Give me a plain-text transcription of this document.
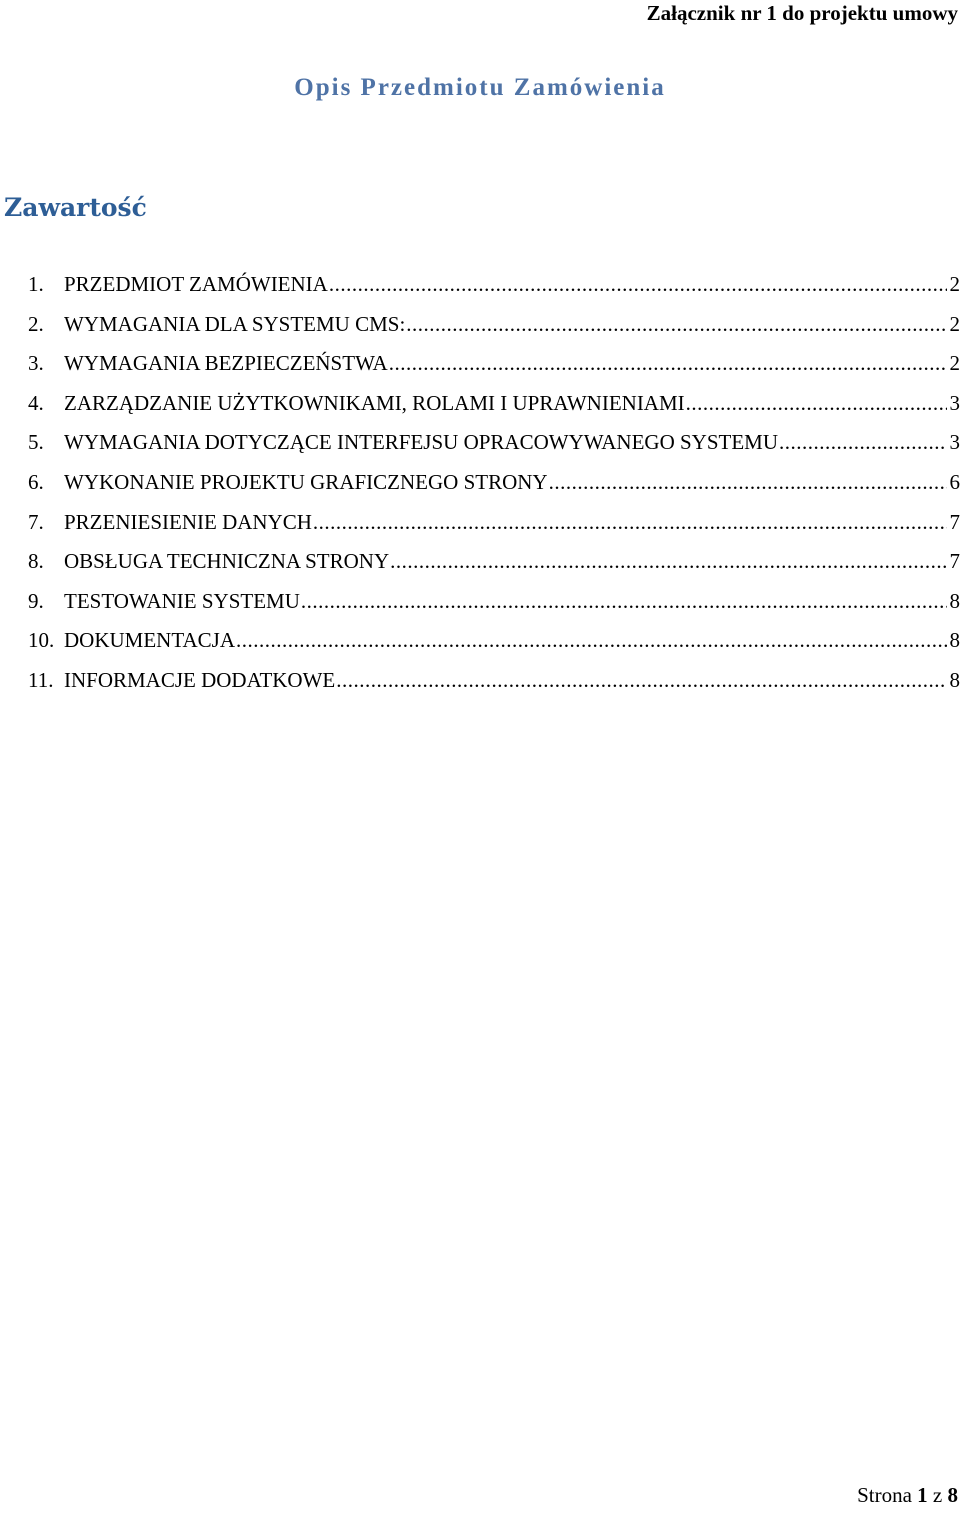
Załącznik nr 1 do projektu umowy
Opis Przedmiotu Zamówienia
Zawartość
1. PRZEDMIOT ZAMÓWIENIA .....	2
2. WYMAGANIA DLA SYSTEMU CMS: .....	2
3. WYMAGANIA BEZPIECZEŃSTWA .....	2
4. ZARZĄDZANIE UŻYTKOWNIKAMI, ROLAMI I UPRAWNIENIAMI .....	3
5. WYMAGANIA DOTYCZĄCE INTERFEJSU OPRACOWYWANEGO SYSTEMU .....	3
6. WYKONANIE PROJEKTU GRAFICZNEGO STRONY .....	6
7. PRZENIESIENIE DANYCH .....	7
8. OBSŁUGA TECHNICZNA STRONY .....	7
9. TESTOWANIE SYSTEMU .....	8
10. DOKUMENTACJA .....	8
11. INFORMACJE DODATKOWE .....	8
Strona 1 z 8
